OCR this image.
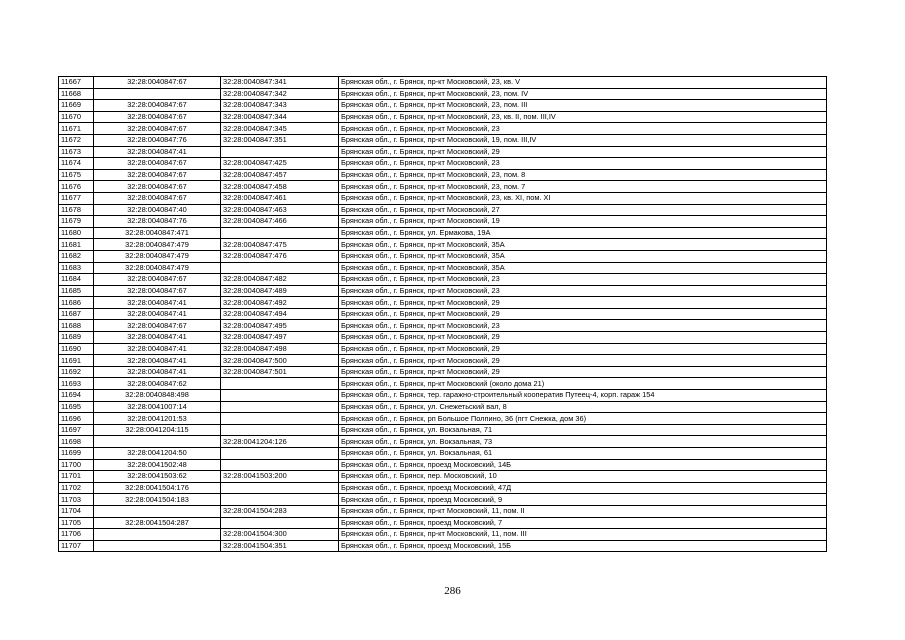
11667	32:28:0040847:67	32:28:0040847:341	Брянская обл., г. Брянск, пр-кт Московский, 23, кв. V
11668		32:28:0040847:342	Брянская обл., г. Брянск, пр-кт Московский, 23, пом. IV
11669	32:28:0040847:67	32:28:0040847:343	Брянская обл., г. Брянск, пр-кт Московский, 23, пом. III
11670	32:28:0040847:67	32:28:0040847:344	Брянская обл., г. Брянск, пр-кт Московский, 23, кв. II, пом. III,IV
11671	32:28:0040847:67	32:28:0040847:345	Брянская обл., г. Брянск, пр-кт Московский, 23
11672	32:28:0040847:76	32:28:0040847:351	Брянская обл., г. Брянск, пр-кт Московский, 19, пом. III,IV
11673	32:28:0040847:41		Брянская обл., г. Брянск, пр-кт Московский, 29
11674	32:28:0040847:67	32:28:0040847:425	Брянская обл., г. Брянск, пр-кт Московский, 23
11675	32:28:0040847:67	32:28:0040847:457	Брянская обл., г. Брянск, пр-кт Московский, 23, пом. 8
11676	32:28:0040847:67	32:28:0040847:458	Брянская обл., г. Брянск, пр-кт Московский, 23, пом. 7
11677	32:28:0040847:67	32:28:0040847:461	Брянская обл., г. Брянск, пр-кт Московский, 23, кв. XI, пом. XI
11678	32:28:0040847:40	32:28:0040847:463	Брянская обл., г. Брянск, пр-кт Московский, 27
11679	32:28:0040847:76	32:28:0040847:466	Брянская обл., г. Брянск, пр-кт Московский, 19
11680	32:28:0040847:471		Брянская обл., г. Брянск, ул. Ермакова, 19А
11681	32:28:0040847:479	32:28:0040847:475	Брянская обл., г. Брянск, пр-кт Московский, 35А
11682	32:28:0040847:479	32:28:0040847:476	Брянская обл., г. Брянск, пр-кт Московский, 35А
11683	32:28:0040847:479		Брянская обл., г. Брянск, пр-кт Московский, 35А
11684	32:28:0040847:67	32:28:0040847:482	Брянская обл., г. Брянск, пр-кт Московский, 23
11685	32:28:0040847:67	32:28:0040847:489	Брянская обл., г. Брянск, пр-кт Московский, 23
11686	32:28:0040847:41	32:28:0040847:492	Брянская обл., г. Брянск, пр-кт Московский, 29
11687	32:28:0040847:41	32:28:0040847:494	Брянская обл., г. Брянск, пр-кт Московский, 29
11688	32:28:0040847:67	32:28:0040847:495	Брянская обл., г. Брянск, пр-кт Московский, 23
11689	32:28:0040847:41	32:28:0040847:497	Брянская обл., г. Брянск, пр-кт Московский, 29
11690	32:28:0040847:41	32:28:0040847:498	Брянская обл., г. Брянск, пр-кт Московский, 29
11691	32:28:0040847:41	32:28:0040847:500	Брянская обл., г. Брянск, пр-кт Московский, 29
11692	32:28:0040847:41	32:28:0040847:501	Брянская обл., г. Брянск, пр-кт Московский, 29
11693	32:28:0040847:62		Брянская обл., г. Брянск, пр-кт Московский (около дома 21)
11694	32:28:0040848:498		Брянская обл., г. Брянск, тер. гаражно-строительный кооператив Путеец-4, корп. гараж 154
11695	32:28:0041007:14		Брянская обл., г. Брянск, ул. Снежетьский вал, 8
11696	32:28:0041201:53		Брянская обл., г. Брянск, рп Большое Полпино, 36 (пгт Снежка, дом 36)
11697	32:28:0041204:115		Брянская обл., г. Брянск, ул. Вокзальная, 71
11698		32:28:0041204:126	Брянская обл., г. Брянск, ул. Вокзальная, 73
11699	32:28:0041204:50		Брянская обл., г. Брянск, ул. Вокзальная, 61
11700	32:28:0041502:48		Брянская обл., г. Брянск, проезд Московский, 14Б
11701	32:28:0041503:62	32:28:0041503:200	Брянская обл., г. Брянск, пер. Московский, 10
11702	32:28:0041504:176		Брянская обл., г. Брянск, проезд Московский, 47Д
11703	32:28:0041504:183		Брянская обл., г. Брянск, проезд Московский, 9
11704		32:28:0041504:283	Брянская обл., г. Брянск, пр-кт Московский, 11, пом. II
11705	32:28:0041504:287		Брянская обл., г. Брянск, проезд Московский, 7
11706		32:28:0041504:300	Брянская обл., г. Брянск, пр-кт Московский, 11, пом. III
11707		32:28:0041504:351	Брянская обл., г. Брянск, проезд Московский, 15Б
286
